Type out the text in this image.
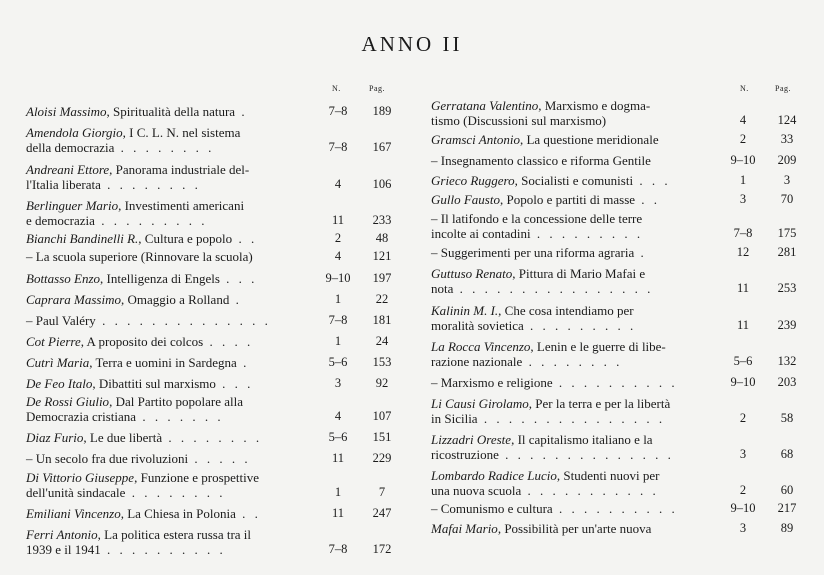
ANNO II
N.	Pag.
Aloisi Massimo, Spiritualità della natura .	7–8	189
Amendola Giorgio, I C. L. N. nel sistema
della democrazia . . . . . . . .	7–8	167
Andreani Ettore, Panorama industriale del-
l'Italia liberata . . . . . . . .	4	106
Berlinguer Mario, Investimenti americani
e democrazia . . . . . . . . .	11	233
Bianchi Bandinelli R., Cultura e popolo . .	2	48
– La scuola superiore (Rinnovare la scuola)	4	121
Bottasso Enzo, Intelligenza di Engels . . .	9–10	197
Caprara Massimo, Omaggio a Rolland .	1	22
– Paul Valéry . . . . . . . . . . . . . .	7–8	181
Cot Pierre, A proposito dei colcos . . . .	1	24
Cutrì Maria, Terra e uomini in Sardegna .	5–6	153
De Feo Italo, Dibattiti sul marxismo . . .	3	92
De Rossi Giulio, Dal Partito popolare alla
Democrazia cristiana . . . . . . .	4	107
Diaz Furio, Le due libertà . . . . . . . .	5–6	151
– Un secolo fra due rivoluzioni . . . . .	11	229
Di Vittorio Giuseppe, Funzione e prospettive
dell'unità sindacale . . . . . . . .	1	7
Emiliani Vincenzo, La Chiesa in Polonia . .	11	247
Ferri Antonio, La politica estera russa tra il
1939 e il 1941 . . . . . . . . . .	7–8	172
N.	Pag.
Gerratana Valentino, Marxismo e dogma-
tismo (Discussioni sul marxismo)	4	124
Gramsci Antonio, La questione meridionale	2	33
– Insegnamento classico e riforma Gentile	9–10	209
Grieco Ruggero, Socialisti e comunisti . . .	1	3
Gullo Fausto, Popolo e partiti di masse . .	3	70
– Il latifondo e la concessione delle terre
incolte ai contadini . . . . . . . . .	7–8	175
– Suggerimenti per una riforma agraria .	12	281
Guttuso Renato, Pittura di Mario Mafai e
nota . . . . . . . . . . . . . . . .	11	253
Kalinin M. I., Che cosa intendiamo per
moralità sovietica . . . . . . . . .	11	239
La Rocca Vincenzo, Lenin e le guerre di libe-
razione nazionale . . . . . . . .	5–6	132
– Marxismo e religione . . . . . . . . . .	9–10	203
Li Causi Girolamo, Per la terra e per la libertà
in Sicilia . . . . . . . . . . . . . . .	2	58
Lizzadri Oreste, Il capitalismo italiano e la
ricostruzione . . . . . . . . . . . . . .	3	68
Lombardo Radice Lucio, Studenti nuovi per
una nuova scuola . . . . . . . . . . .	2	60
– Comunismo e cultura . . . . . . . . . .	9–10	217
Mafai Mario, Possibilità per un'arte nuova	3	89
